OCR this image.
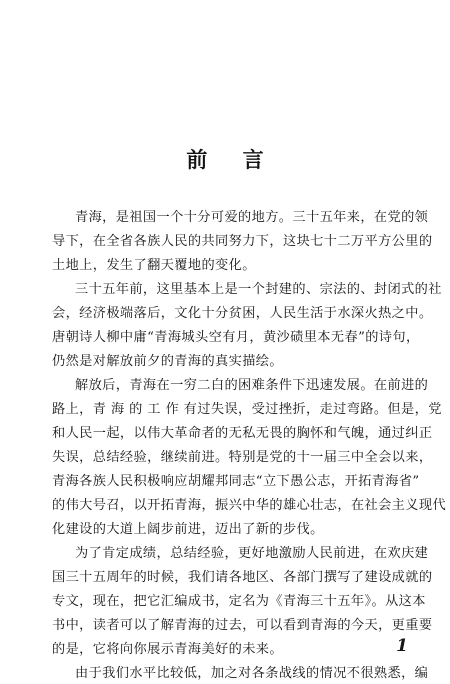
前 言
青海，是祖国一个十分可爱的地方。三十五年来，在党的领
导下，在全省各族人民的共同努力下，这块七十二万平方公里的
土地上，发生了翻天覆地的变化。
三十五年前，这里基本上是一个封建的、宗法的、封闭式的社
会，经济极端落后，文化十分贫困，人民生活于水深火热之中。
唐朝诗人柳中庸“青海城头空有月，黄沙碛里本无春”的诗句，
仍然是对解放前夕的青海的真实描绘。
解放后，青海在一穷二白的困难条件下迅速发展。在前进的
路上，青 海 的 工 作 有过失误，受过挫折，走过弯路。但是，党
和人民一起，以伟大革命者的无私无畏的胸怀和气魄，通过纠正
失误，总结经验，继续前进。特别是党的十一届三中全会以来，
青海各族人民积极响应胡耀邦同志“立下愚公志，开拓青海省”
的伟大号召，以开拓青海，振兴中华的雄心壮志，在社会主义现代
化建设的大道上阔步前进，迈出了新的步伐。
为了肯定成绩，总结经验，更好地激励人民前进，在欢庆建
国三十五周年的时候，我们请各地区、各部门撰写了建设成就的
专文，现在，把它汇编成书，定名为《青海三十五年》。从这本
书中，读者可以了解青海的过去，可以看到青海的今天，更重要
的是，它将向你展示青海美好的未来。
由于我们水平比较低，加之对各条战线的情况不很熟悉，编
1
